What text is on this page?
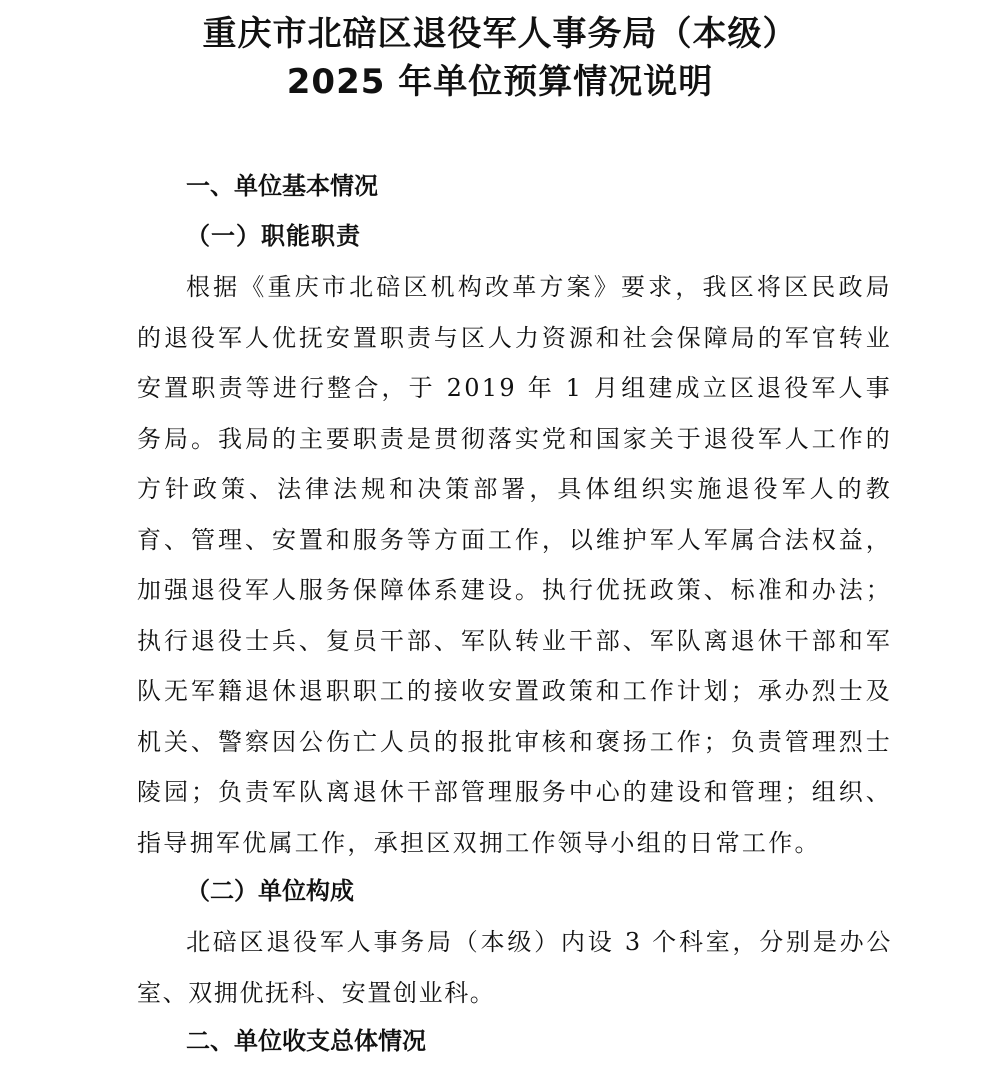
重庆市北碚区退役军人事务局（本级）
2025 年单位预算情况说明
一、单位基本情况
（一）职能职责

根据《重庆市北碚区机构改革方案》要求，我区将区民政局的退役军人优抚安置职责与区人力资源和社会保障局的军官转业安置职责等进行整合，于 2019 年 1 月组建成立区退役军人事务局。我局的主要职责是贯彻落实党和国家关于退役军人工作的方针政策、法律法规和决策部署，具体组织实施退役军人的教育、管理、安置和服务等方面工作，以维护军人军属合法权益，加强退役军人服务保障体系建设。执行优抚政策、标准和办法；执行退役士兵、复员干部、军队转业干部、军队离退休干部和军队无军籍退休退职职工的接收安置政策和工作计划；承办烈士及机关、警察因公伤亡人员的报批审核和褒扬工作；负责管理烈士陵园；负责军队离退休干部管理服务中心的建设和管理；组织、指导拥军优属工作，承担区双拥工作领导小组的日常工作。

（二）单位构成

北碚区退役军人事务局（本级）内设 3 个科室，分别是办公室、双拥优抚科、安置创业科。

二、单位收支总体情况
